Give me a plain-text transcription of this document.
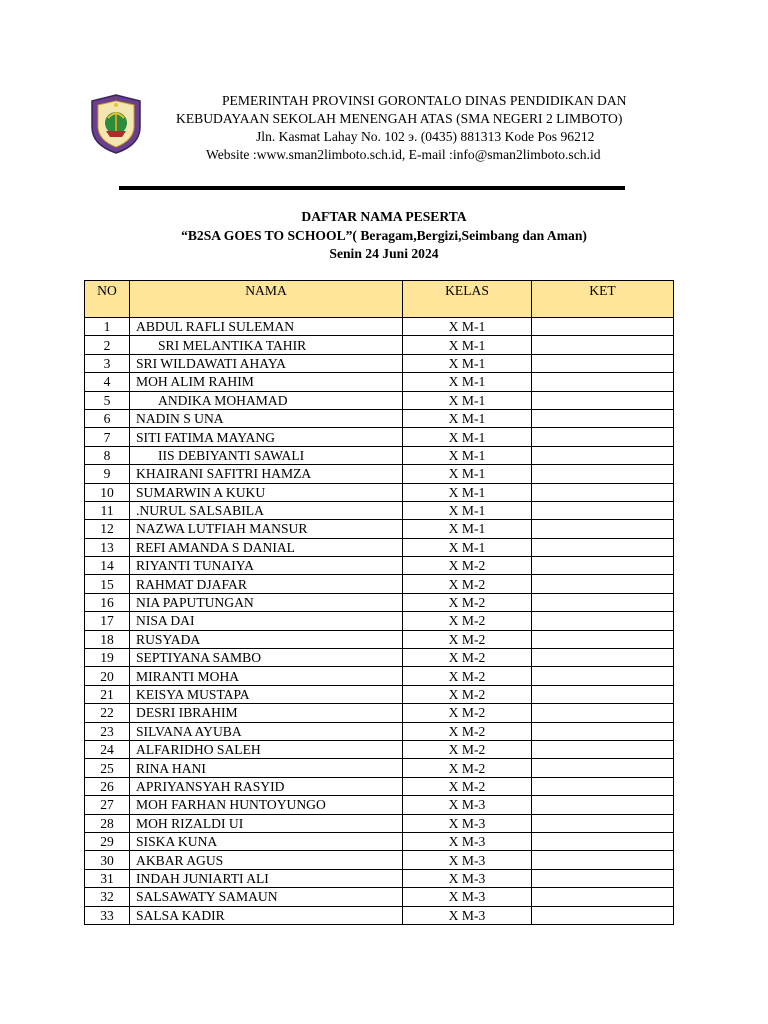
PEMERINTAH PROVINSI GORONTALO DINAS PENDIDIKAN DAN
KEBUDAYAAN SEKOLAH MENENGAH ATAS (SMA NEGERI 2 LIMBOTO)
Jln. Kasmat Lahay No. 102 э. (0435) 881313 Kode Pos 96212
Website :www.sman2limboto.sch.id, E-mail :info@sman2limboto.sch.id
DAFTAR NAMA PESERTA
“B2SA GOES TO SCHOOL”( Beragam,Bergizi,Seimbang dan Aman)
Senin 24 Juni 2024
NO	NAMA	KELAS	KET
1	ABDUL RAFLI SULEMAN	X M-1	
2	SRI MELANTIKA TAHIR	X M-1	
3	SRI WILDAWATI AHAYA	X M-1	
4	MOH ALIM RAHIM	X M-1	
5	ANDIKA MOHAMAD	X M-1	
6	NADIN S UNA	X M-1	
7	SITI FATIMA MAYANG	X M-1	
8	IIS DEBIYANTI SAWALI	X M-1	
9	KHAIRANI SAFITRI HAMZA	X M-1	
10	SUMARWIN A KUKU	X M-1	
11	.NURUL SALSABILA	X M-1	
12	NAZWA LUTFIAH MANSUR	X M-1	
13	REFI AMANDA S DANIAL	X M-1	
14	RIYANTI TUNAIYA	X M-2	
15	RAHMAT DJAFAR	X M-2	
16	NIA PAPUTUNGAN	X M-2	
17	NISA DAI	X M-2	
18	RUSYADA	X M-2	
19	SEPTIYANA SAMBO	X M-2	
20	MIRANTI MOHA	X M-2	
21	KEISYA MUSTAPA	X M-2	
22	DESRI IBRAHIM	X M-2	
23	SILVANA AYUBA	X M-2	
24	ALFARIDHO SALEH	X M-2	
25	RINA HANI	X M-2	
26	APRIYANSYAH RASYID	X M-2	
27	MOH FARHAN HUNTOYUNGO	X M-3	
28	MOH RIZALDI UI	X M-3	
29	SISKA KUNA	X M-3	
30	AKBAR AGUS	X M-3	
31	INDAH JUNIARTI ALI	X M-3	
32	SALSAWATY SAMAUN	X M-3	
33	SALSA KADIR	X M-3	
